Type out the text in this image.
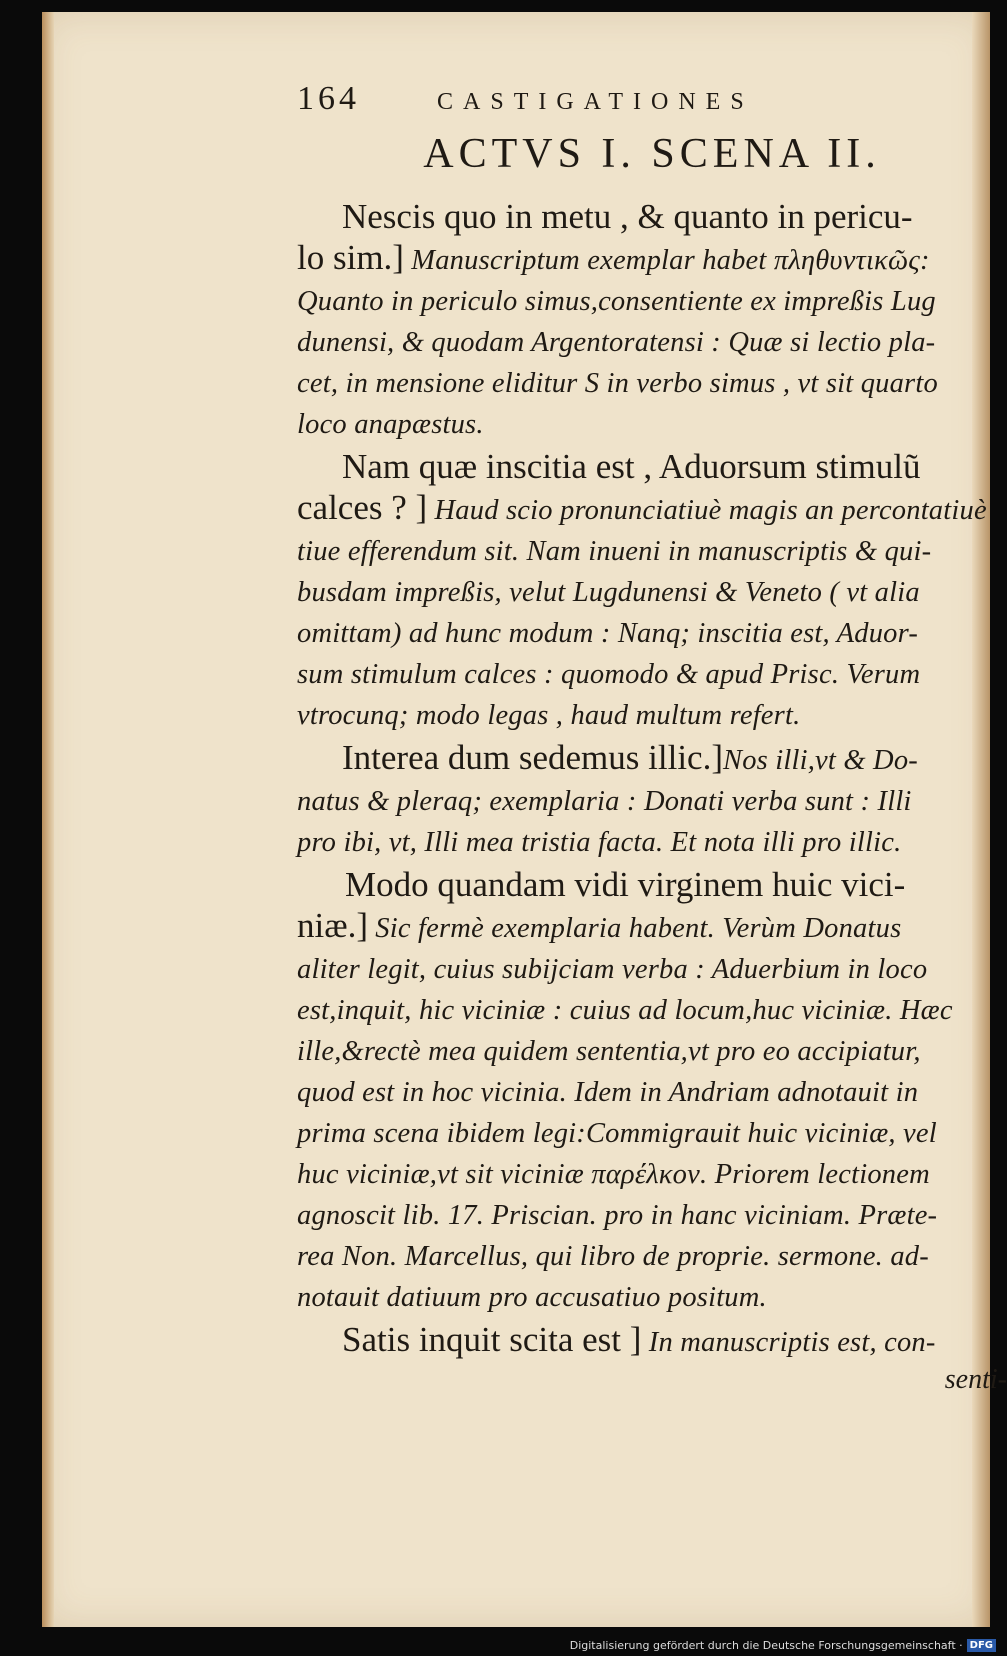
164	CASTIGATIONES
ACTVS I. SCENA II.
Nescis quo in metu , & quanto in pericu-
lo sim.] Manuscriptum exemplar habet πληθυντικῶς:
Quanto in periculo simus,consentiente ex impreßis Lug
dunensi, & quodam Argentoratensi : Quæ si lectio pla-
cet, in mensione eliditur S in verbo simus , vt sit quarto
loco anapæstus.
Nam quæ inscitia est , Aduorsum stimulũ
calces ? ] Haud scio pronunciatiuè magis an percontatiuè
tiue efferendum sit. Nam inueni in manuscriptis & qui-
busdam impreßis, velut Lugdunensi & Veneto ( vt alia
omittam) ad hunc modum : Nanq; inscitia est, Aduor-
sum stimulum calces : quomodo & apud Prisc. Verum
vtrocunq; modo legas , haud multum refert.
Interea dum sedemus illic.]Nos illi,vt & Do-
natus & pleraq; exemplaria : Donati verba sunt : Illi
pro ibi, vt, Illi mea tristia facta. Et nota illi pro illic.
Modo quandam vidi virginem huic vici-
niæ.] Sic fermè exemplaria habent. Verùm Donatus
aliter legit, cuius subijciam verba : Aduerbium in loco
est,inquit, hic viciniæ : cuius ad locum,huc viciniæ. Hæc
ille,&rectè mea quidem sententia,vt pro eo accipiatur,
quod est in hoc vicinia. Idem in Andriam adnotauit in
prima scena ibidem legi:Commigrauit huic viciniæ, vel
huc viciniæ,vt sit viciniæ παρέλκον. Priorem lectionem
agnoscit lib. 17. Priscian. pro in hanc viciniam. Præte-
rea Non. Marcellus, qui libro de proprie. sermone. ad-
notauit datiuum pro accusatiuo positum.
Satis inquit scita est ] In manuscriptis est, con-
senti-
Digitalisierung gefördert durch die Deutsche Forschungsgemeinschaft · DFG
